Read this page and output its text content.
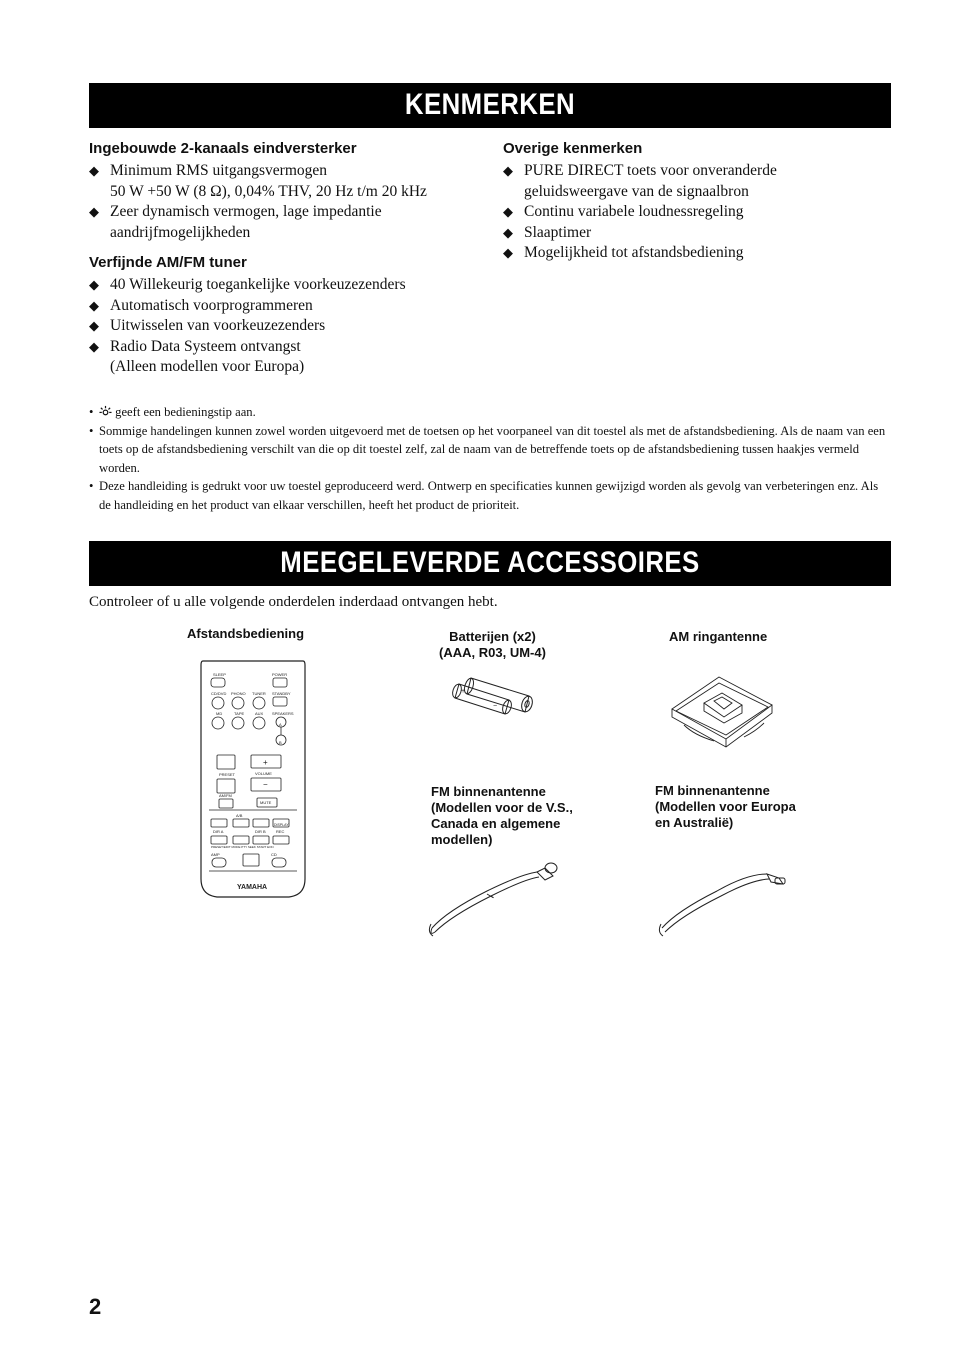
KENMERKEN
Ingebouwde 2-kanaals eindversterker
◆ Minimum RMS uitgangsvermogen
50 W +50 W (8 Ω), 0,04% THV, 20 Hz t/m 20 kHz
◆ Zeer dynamisch vermogen, lage impedantie
aandrijfmogelijkheden
Verfijnde AM/FM tuner
◆ 40 Willekeurig toegankelijke voorkeuzezenders
◆ Automatisch voorprogrammeren
◆ Uitwisselen van voorkeuzezenders
◆ Radio Data Systeem ontvangst
(Alleen modellen voor Europa)
Overige kenmerken
◆ PURE DIRECT toets voor onveranderde
geluidsweergave van de signaalbron
◆ Continu variabele loudnessregeling
◆ Slaaptimer
◆ Mogelijkheid tot afstandsbediening
• geeft een bedieningstip aan.
• Sommige handelingen kunnen zowel worden uitgevoerd met de toetsen op het voorpaneel van dit toestel als met de afstandsbediening. Als de naam van een toets op de afstandsbediening verschilt van die op dit toestel zelf, zal de naam van de betreffende toets op de afstandsbediening tussen haakjes vermeld worden.
• Deze handleiding is gedrukt voor uw toestel geproduceerd werd. Ontwerp en specificaties kunnen gewijzigd worden als gevolg van verbeteringen enz. Als de handleiding en het product van elkaar verschillen, heeft het product de prioriteit.
MEEGELEVERDE ACCESSOIRES
Controleer of u alle volgende onderdelen inderdaad ontvangen hebt.
Afstandsbediening	Batterijen (x2)
(AAA, R03, UM-4)
AM ringantenne
FM binnenantenne
(Modellen voor de V.S.,
Canada en algemene
modellen)
FM binnenantenne
(Modellen voor Europa
en Australië)
SLEEP	POWER
CD/DVD PHONO TUNER STANDBY
MD	TAPE	AUX SPEAKERS
A
B
PRESET	VOLUME
+
−
AM/FM
MUTE
A/B
DISPLAY
DIR A	DIR B	REC
PRESET/EDIT MODE PTY SEEK START EON
AMP	CD
YAMAHA
−
+
2
